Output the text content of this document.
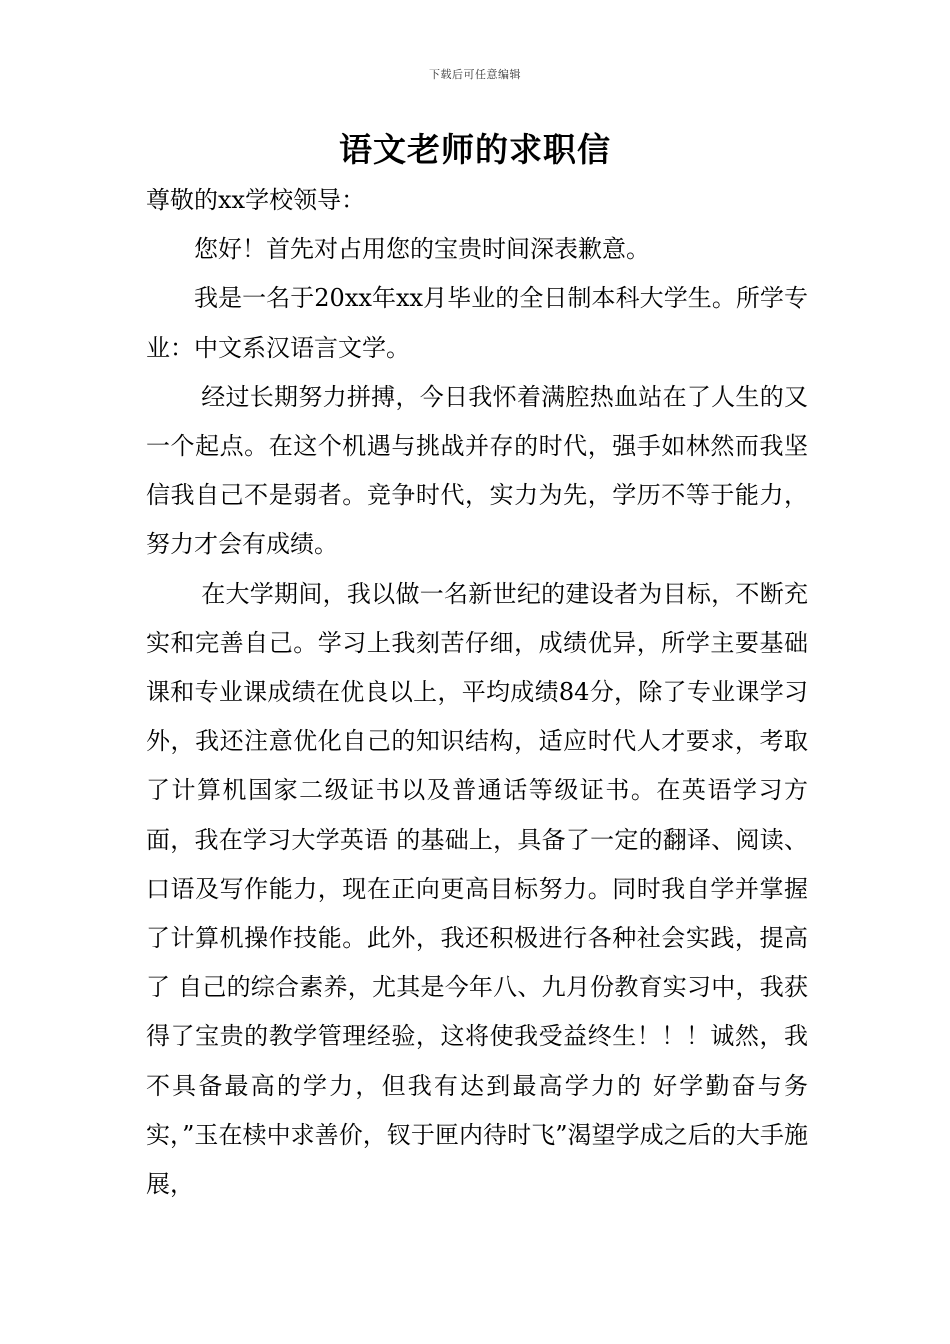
下载后可任意编辑
语文老师的求职信

尊敬的xx学校领导：

您好！首先对占用您的宝贵时间深表歉意。

我是一名于20xx年xx月毕业的全日制本科大学生。所学专业：中文系汉语言文学。

经过长期努力拼搏，今日我怀着满腔热血站在了人生的又一个起点。在这个机遇与挑战并存的时代，强手如林然而我坚信我自己不是弱者。竞争时代，实力为先，学历不等于能力，努力才会有成绩。

在大学期间，我以做一名新世纪的建设者为目标，不断充实和完善自己。学习上我刻苦仔细，成绩优异，所学主要基础课和专业课成绩在优良以上，平均成绩84分，除了专业课学习外，我还注意优化自己的知识结构，适应时代人才要求，考取了计算机国家二级证书以及普通话等级证书。在英语学习方面，我在学习大学英语 的基础上，具备了一定的翻译、阅读、口语及写作能力，现在正向更高目标努力。同时我自学并掌握了计算机操作技能。此外，我还积极进行各种社会实践，提高了 自己的综合素养，尤其是今年八、九月份教育实习中，我获得了宝贵的教学管理经验，这将使我受益终生！！！诚然，我不具备最高的学力，但我有达到最高学力的 好学勤奋与务实，”玉在椟中求善价，钗于匣内待时飞”渴望学成之后的大手施展，
